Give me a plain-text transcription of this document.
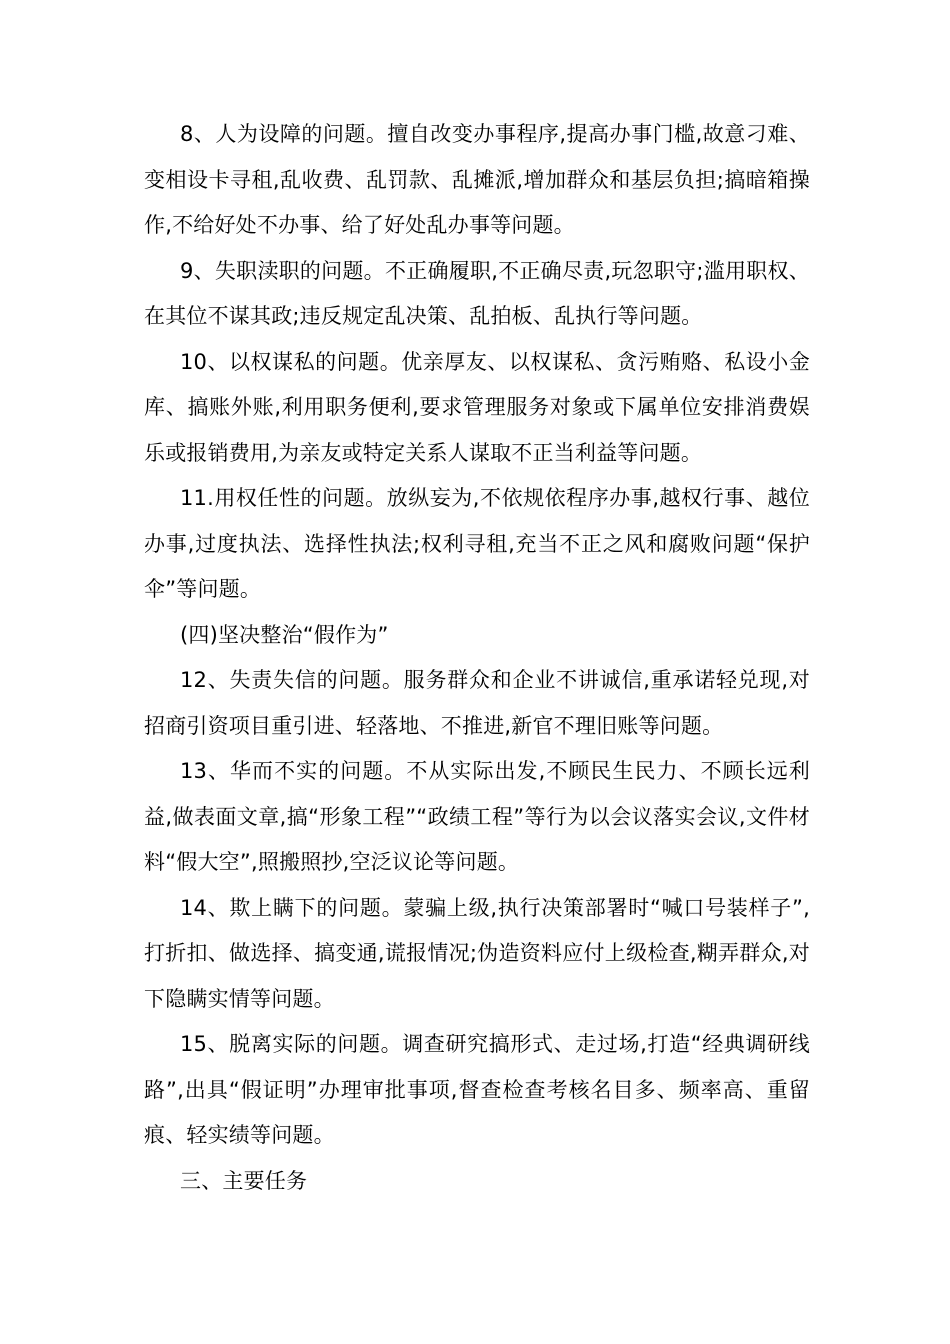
8、人为设障的问题。擅自改变办事程序,提高办事门槛,故意刁难、变相设卡寻租,乱收费、乱罚款、乱摊派,增加群众和基层负担;搞暗箱操作,不给好处不办事、给了好处乱办事等问题。

9、失职渎职的问题。不正确履职,不正确尽责,玩忽职守;滥用职权、在其位不谋其政;违反规定乱决策、乱拍板、乱执行等问题。

10、以权谋私的问题。优亲厚友、以权谋私、贪污贿赂、私设小金库、搞账外账,利用职务便利,要求管理服务对象或下属单位安排消费娱乐或报销费用,为亲友或特定关系人谋取不正当利益等问题。

11.用权任性的问题。放纵妄为,不依规依程序办事,越权行事、越位办事,过度执法、选择性执法;权利寻租,充当不正之风和腐败问题“保护伞”等问题。

(四)坚决整治“假作为”

12、失责失信的问题。服务群众和企业不讲诚信,重承诺轻兑现,对招商引资项目重引进、轻落地、不推进,新官不理旧账等问题。

13、华而不实的问题。不从实际出发,不顾民生民力、不顾长远利益,做表面文章,搞“形象工程”“政绩工程”等行为以会议落实会议,文件材料“假大空”,照搬照抄,空泛议论等问题。

14、欺上瞒下的问题。蒙骗上级,执行决策部署时“喊口号装样子”,打折扣、做选择、搞变通,谎报情况;伪造资料应付上级检查,糊弄群众,对下隐瞒实情等问题。

15、脱离实际的问题。调查研究搞形式、走过场,打造“经典调研线路”,出具“假证明”办理审批事项,督查检查考核名目多、频率高、重留痕、轻实绩等问题。

三、主要任务
